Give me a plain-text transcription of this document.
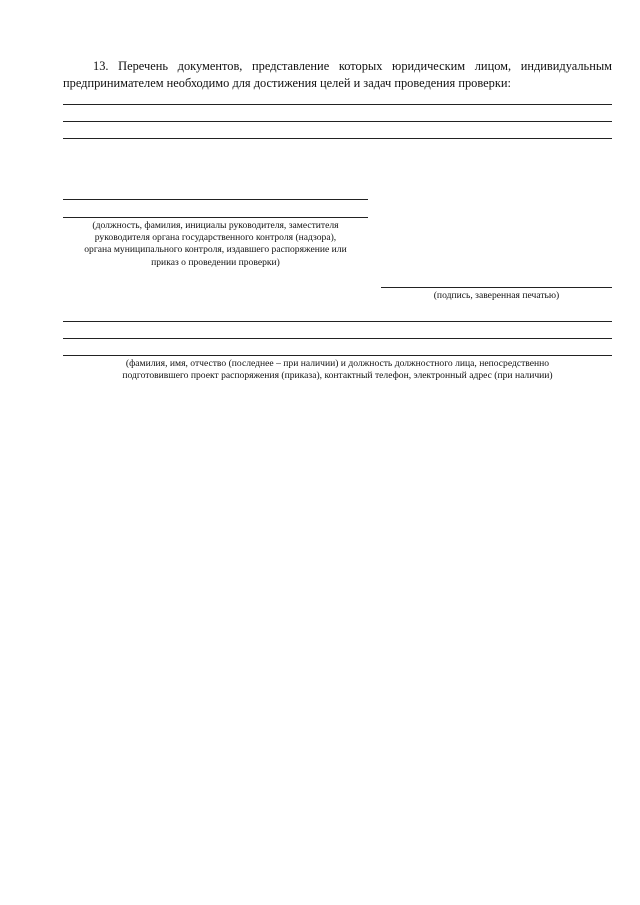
13. Перечень документов, представление которых юридическим лицом, индивидуальным предпринимателем необходимо для достижения целей и задач проведения проверки:
(должность, фамилия, инициалы руководителя, заместителя
руководителя органа государственного контроля (надзора),
органа муниципального контроля, издавшего распоряжение или
приказ о проведении проверки)
(подпись, заверенная печатью)
(фамилия, имя, отчество (последнее – при наличии) и должность должностного лица, непосредственно
подготовившего проект распоряжения (приказа), контактный телефон, электронный адрес (при наличии)
